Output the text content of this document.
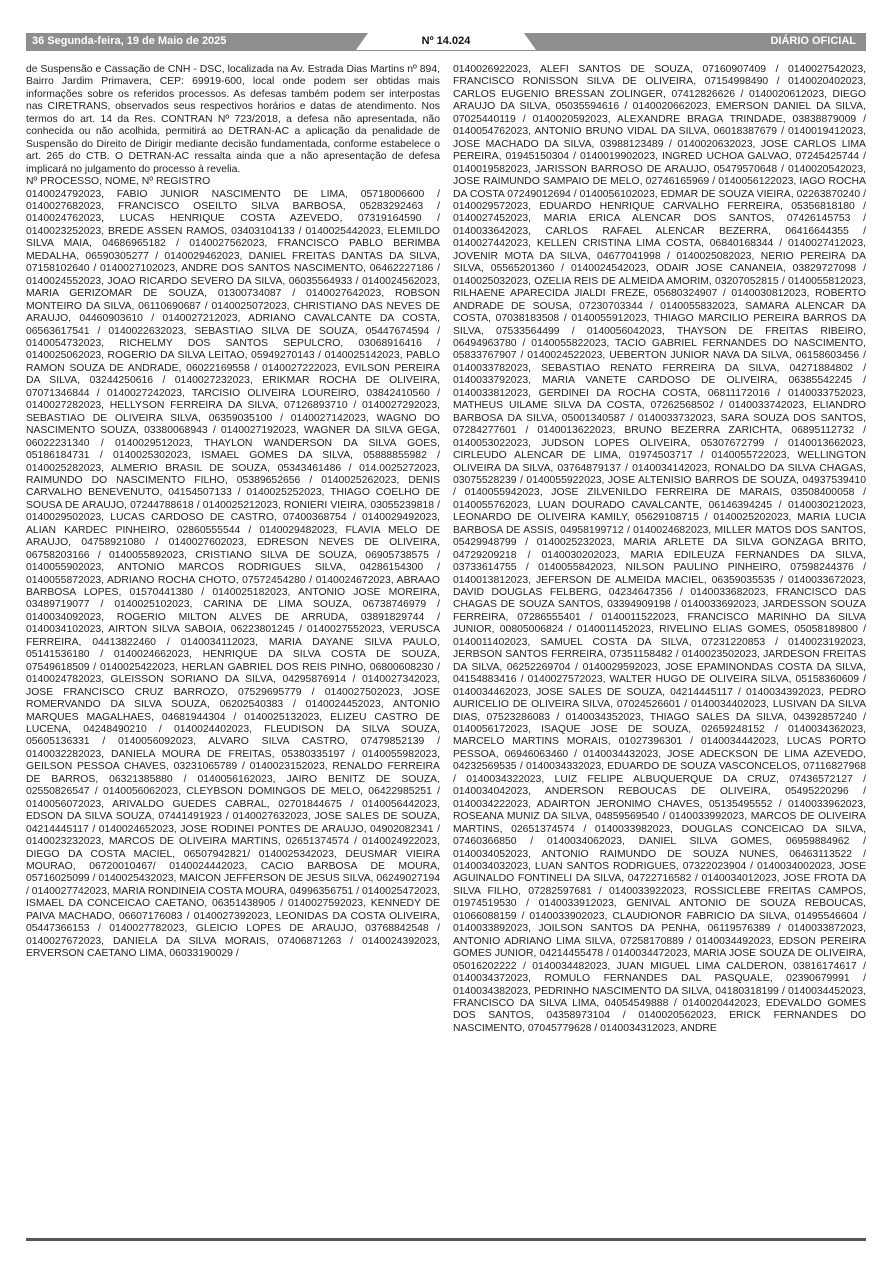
36 Segunda-feira, 19 de Maio de 2025	Nº 14.024	DIÁRIO OFICIAL

de Suspensão e Cassação de CNH - DSC, localizada na Av. Estrada Dias Martins nº 894, Bairro Jardim Primavera, CEP: 69919-600, local onde podem ser obtidas mais informações sobre os referidos processos. As defesas também podem ser interpostas nas CIRETRANS, observados seus respectivos horários e datas de atendimento. Nos termos do art. 14 da Res. CONTRAN Nº 723/2018, a defesa não apresentada, não conhecida ou não acolhida, permitirá ao DETRAN-AC a aplicação da penalidade de Suspensão do Direito de Dirigir mediante decisão fundamentada, conforme estabelece o art. 265 do CTB. O DETRAN-AC ressalta ainda que a não apresentação de defesa implicará no julgamento do processo à revelia.

Nº PROCESSO, NOME, Nº REGISTRO

0140024792023, FABIO JUNIOR NASCIMENTO DE LIMA, 05718006600 / 0140027682023, FRANCISCO OSEILTO SILVA BARBOSA, 05283292463 / 0140024762023, LUCAS HENRIQUE COSTA AZEVEDO, 07319164590 / 0140023252023, BREDE ASSEN RAMOS, 03403104133 / 0140025442023, ELEMILDO SILVA MAIA, 04686965182 / 0140027562023, FRANCISCO PABLO BERIMBA MEDALHA, 06590305277 / 0140029462023, DANIEL FREITAS DANTAS DA SILVA, 07158102640 / 0140027102023, ANDRE DOS SANTOS NASCIMENTO, 06462227186 / 0140024552023, JOAO RICARDO SEVERO DA SILVA, 06035564933 / 0140024562023, MARIA GERIZOMAR DE SOUZA, 01300734087 / 0140027642023, ROBSON MONTEIRO DA SILVA, 06110690687 / 0140025072023, CHRISTIANO DAS NEVES DE ARAUJO, 04460903610 / 0140027212023, ADRIANO CAVALCANTE DA COSTA, 06563617541 / 0140022632023, SEBASTIAO SILVA DE SOUZA, 05447674594 / 0140054732023, RICHELMY DOS SANTOS SEPULCRO, 03068916416 / 0140025062023, ROGERIO DA SILVA LEITAO, 05949270143 / 0140025142023, PABLO RAMON SOUZA DE ANDRADE, 06022169558 / 0140027222023, EVILSON PEREIRA DA SILVA, 03244250616 / 0140027232023, ERIKMAR ROCHA DE OLIVEIRA, 07071346844 / 0140027242023, TARCISIO OLIVEIRA LOUREIRO, 03842410560 / 0140027282023, HELLYSON FERREIRA DA SILVA, 07126893710 / 0140027292023, SEBASTIAO DE OLIVEIRA SILVA, 06359035100 / 0140027142023, WAGNO DO NASCIMENTO SOUZA, 03380068943 / 0140027192023, WAGNER DA SILVA GEGA, 06022231340 / 0140029512023, THAYLON WANDERSON DA SILVA GOES, 05186184731 / 0140025302023, ISMAEL GOMES DA SILVA, 05888855982 / 0140025282023, ALMERIO BRASIL DE SOUZA, 05343461486 / 014.0025272023, RAIMUNDO DO NASCIMENTO FILHO, 05389652656 / 0140025262023, DENIS CARVALHO BENEVENUTO, 04154507133 / 0140025252023, THIAGO COELHO DE SOUSA DE ARAUJO, 07244788618 / 0140025212023, RONIERI VIEIRA, 03055239818 / 0140029502023, LUCAS CARDOSO DE CASTRO, 07400368754 / 0140029492023, ALIAN KARDEC PINHEIRO, 02860555544 / 0140029482023, FLAVIA MELO DE ARAUJO, 04758921080 / 0140027602023, EDRESON NEVES DE OLIVEIRA, 06758203166 / 0140055892023, CRISTIANO SILVA DE SOUZA, 06905738575 / 0140055902023, ANTONIO MARCOS RODRIGUES SILVA, 04286154300 / 0140055872023, ADRIANO ROCHA CHOTO, 07572454280 / 0140024672023, ABRAAO BARBOSA LOPES, 01570441380 / 0140025182023, ANTONIO JOSE MOREIRA, 03489719077 / 0140025102023, CARINA DE LIMA SOUZA, 06738746979 / 0140034092023, ROGERIO MILTON ALVES DE ARRUDA, 03891829744 / 0140034102023, AIRTON SILVA SABOIA, 06223801245 / 0140027552023, VERUSCA FERREIRA, 04413822460 / 0140034112023, MARIA DAYANE SILVA PAULO, 05141536180 / 0140024662023, HENRIQUE DA SILVA COSTA DE SOUZA, 07549618509 / 0140025422023, HERLAN GABRIEL DOS REIS PINHO, 06800608230 / 0140024782023, GLEISSON SORIANO DA SILVA, 04295876914 / 0140027342023, JOSE FRANCISCO CRUZ BARROZO, 07529695779 / 0140027502023, JOSE ROMERVANDO DA SILVA SOUZA, 06202540383 / 0140024452023, ANTONIO MARQUES MAGALHAES, 04681944304 / 0140025132023, ELIZEU CASTRO DE LUCENA, 04248490210 / 0140024402023, FLEUDISON DA SILVA SOUZA, 05605136331 / 0140056092023, ALVARO SILVA CASTRO, 07479852139 / 0140032282023, DANIELA MOURA DE FREITAS, 05380335197 / 0140055982023, GEILSON PESSOA CHAVES, 03231065789 / 0140023152023, RENALDO FERREIRA DE BARROS, 06321385880 / 0140056162023, JAIRO BENITZ DE SOUZA, 02550826547 / 0140056062023, CLEYBSON DOMINGOS DE MELO, 06422985251 / 0140056072023, ARIVALDO GUEDES CABRAL, 02701844675 / 0140056442023, EDSON DA SILVA SOUZA, 07441491923 / 0140027632023, JOSE SALES DE SOUZA, 04214445117 / 0140024652023, JOSE RODINEI PONTES DE ARAUJO, 04902082341 / 0140023232023, MARCOS DE OLIVEIRA MARTINS, 02651374574 / 0140024922023, DIEGO DA COSTA MACIEL, 06507942821/ 0140025342023, DEUSMAR VIEIRA MOURAO, 06720010467/ 0140024442023, CACIO BARBOSA DE MOURA, 05716025099 / 0140025432023, MAICON JEFFERSON DE JESUS SILVA, 06249027194 / 0140027742023, MARIA RONDINEIA COSTA MOURA, 04996356751 / 0140025472023, ISMAEL DA CONCEICAO CAETANO, 06351438905 / 0140027592023, KENNEDY DE PAIVA MACHADO, 06607176083 / 0140027392023, LEONIDAS DA COSTA OLIVEIRA, 05447366153 / 0140027782023, GLEICIO LOPES DE ARAUJO, 03768842548 / 0140027672023, DANIELA DA SILVA MORAIS, 07406871263 / 0140024392023, ERVERSON CAETANO LIMA, 06033190029 /

0140026922023, ALEFI SANTOS DE SOUZA, 07160907409 / 0140027542023, FRANCISCO RONISSON SILVA DE OLIVEIRA, 07154998490 / 0140020402023, CARLOS EUGENIO BRESSAN ZOLINGER, 07412826626 / 0140020612023, DIEGO ARAUJO DA SILVA, 05035594616 / 0140020662023, EMERSON DANIEL DA SILVA, 07025440119 / 0140020592023, ALEXANDRE BRAGA TRINDADE, 03838879009 / 0140054762023, ANTONIO BRUNO VIDAL DA SILVA, 06018387679 / 0140019412023, JOSE MACHADO DA SILVA, 03988123489 / 0140020632023, JOSE CARLOS LIMA PEREIRA, 01945150304 / 0140019902023, INGRED UCHOA GALVAO, 07245425744 / 0140019582023, JARISSON BARROSO DE ARAUJO, 05479570648 / 0140020542023, JOSE RAIMUNDO SAMPAIO DE MELO, 02746165969 / 0140056122023, IAGO ROCHA DA COSTA 07249012694 / 0140056102023, EDMAR DE SOUZA VIEIRA, 02263870240 / 0140029572023, EDUARDO HENRIQUE CARVALHO FERREIRA, 05356818180 / 0140027452023, MARIA ERICA ALENCAR DOS SANTOS, 07426145753 / 0140033642023, CARLOS RAFAEL ALENCAR BEZERRA, 06416644355 / 0140027442023, KELLEN CRISTINA LIMA COSTA, 06840168344 / 0140027412023, JOVENIR MOTA DA SILVA, 04677041998 / 0140025082023, NERIO PEREIRA DA SILVA, 05565201360 / 0140024542023, ODAIR JOSE CANANEIA, 03829727098 / 0140025032023, OZELIA REIS DE ALMEIDA AMORIM, 03207052815 / 0140055812023, RILHAENE APARECIDA JIALDI FREZE, 05680324907 / 0140030812023, ROBERTO ANDRADE DE SOUSA, 07230703344 / 0140055832023, SAMARA ALENCAR DA COSTA, 07038183508 / 0140055912023, THIAGO MARCILIO PEREIRA BARROS DA SILVA, 07533564499 / 0140056042023, THAYSON DE FREITAS RIBEIRO, 06494963780 / 0140055822023, TACIO GABRIEL FERNANDES DO NASCIMENTO, 05833767907 / 0140024522023, UEBERTON JUNIOR NAVA DA SILVA, 06158603456 / 0140033782023, SEBASTIAO RENATO FERREIRA DA SILVA, 04271884802 / 0140033792023, MARIA VANETE CARDOSO DE OLIVEIRA, 06385542245 / 0140033812023, GERDINEI DA ROCHA COSTA, 06811172016 / 0140033752023, MATHEUS UILAME SILVA DA COSTA, 07262568502 / 0140033742023, ELIANDRO BARBOSA DA SILVA, 05001340587 / 0140033732023, SARA SOUZA DOS SANTOS, 07284277601 / 0140013622023, BRUNO BEZERRA ZARICHTA, 06895112732 / 0140053022023, JUDSON LOPES OLIVEIRA, 05307672799 / 0140013662023, CIRLEUDO ALENCAR DE LIMA, 01974503717 / 0140055722023, WELLINGTON OLIVEIRA DA SILVA, 03764879137 / 0140034142023, RONALDO DA SILVA CHAGAS, 03075528239 / 0140055922023, JOSE ALTENISIO BARROS DE SOUZA, 04937539410 / 0140055942023, JOSE ZILVENILDO FERREIRA DE MARAIS, 03508400058 / 0140055762023, LUAN DOURADO CAVALCANTE, 06146394245 / 0140030212023, LEONARDO DE OLIVEIRA KAMILY, 05629108715 / 0140025202023, MARIA LUCIA BARBOSA DE ASSIS, 04958199712 / 0140024682023, MILLER MATOS DOS SANTOS, 05429948799 / 0140025232023, MARIA ARLETE DA SILVA GONZAGA BRITO, 04729209218 / 0140030202023, MARIA EDILEUZA FERNANDES DA SILVA, 03733614755 / 0140055842023, NILSON PAULINO PINHEIRO, 07598244376 / 0140013812023, JEFERSON DE ALMEIDA MACIEL, 06359035535 / 0140033672023, DAVID DOUGLAS FELBERG, 04234647356 / 0140033682023, FRANCISCO DAS CHAGAS DE SOUZA SANTOS, 03394909198 / 0140033692023, JARDESSON SOUZA FERREIRA, 07286555401 / 0140011522023, FRANCISCO MARINHO DA SILVA JUNIOR, 00805006824 / 0140011452023, RIVELINO ELIAS GOMES, 05058189800 / 0140011402023, SAMUEL COSTA DA SILVA, 07231220853 / 0140023192023, JERBSON SANTOS FERREIRA, 07351158482 / 0140023502023, JARDESON FREITAS DA SILVA, 06252269704 / 0140029592023, JOSE EPAMINONDAS COSTA DA SILVA, 04154883416 / 0140027572023, WALTER HUGO DE OLIVEIRA SILVA, 05158360609 / 0140034462023, JOSE SALES DE SOUZA, 04214445117 / 0140034392023, PEDRO AURICELIO DE OLIVEIRA SILVA, 07024526601 / 0140034402023, LUSIVAN DA SILVA DIAS, 07523286083 / 0140034352023, THIAGO SALES DA SILVA, 04392857240 / 0140056172023, ISAQUE JOSE DE SOUZA, 02659248152 / 0140034362023, MARCELO MARTINS MORAIS, 01027396301 / 0140034442023, LUCAS PORTO PESSOA, 06946063460 / 0140034432023, JOSE ADECKSON DE LIMA AZEVEDO, 04232569535 / 0140034332023, EDUARDO DE SOUZA VASCONCELOS, 07116827968 / 0140034322023, LUIZ FELIPE ALBUQUERQUE DA CRUZ, 07436572127 / 0140034042023, ANDERSON REBOUCAS DE OLIVEIRA, 05495220296 / 0140034222023, ADAIRTON JERONIMO CHAVES, 05135495552 / 0140033962023, ROSEANA MUNIZ DA SILVA, 04859569540 / 0140033992023, MARCOS DE OLIVEIRA MARTINS, 02651374574 / 0140033982023, DOUGLAS CONCEICAO DA SILVA, 07460366850 / 0140034062023, DANIEL SILVA GOMES, 06959884962 / 0140034052023, ANTONIO RAIMUNDO DE SOUZA NUNES, 06463113522 / 0140034032023, LUAN SANTOS RODRIGUES, 07322023904 / 0140034002023, JOSE AGUINALDO FONTINELI DA SILVA, 04722716582 / 0140034012023, JOSE FROTA DA SILVA FILHO, 07282597681 / 0140033922023, ROSSICLEBE FREITAS CAMPOS, 01974519530 / 0140033912023, GENIVAL ANTONIO DE SOUZA REBOUCAS, 01066088159 / 0140033902023, CLAUDIONOR FABRICIO DA SILVA, 01495546604 / 0140033892023, JOILSON SANTOS DA PENHA, 06119576389 / 0140033872023, ANTONIO ADRIANO LIMA SILVA, 07258170889 / 0140034492023, EDSON PEREIRA GOMES JUNIOR, 04214455478 / 0140034472023, MARIA JOSE SOUZA DE OLIVEIRA, 05016202222 / 0140034482023, JUAN MIGUEL LIMA CALDERON, 03816174617 / 0140034372023, ROMULO FERNANDES DAL PASQUALE, 02390679991 / 0140034382023, PEDRINHO NASCIMENTO DA SILVA, 04180318199 / 0140034452023, FRANCISCO DA SILVA LIMA, 04054549888 / 0140020442023, EDEVALDO GOMES DOS SANTOS, 04358973104 / 0140020562023, ERICK FERNANDES DO NASCIMENTO, 07045779628 / 0140034312023, ANDRE
